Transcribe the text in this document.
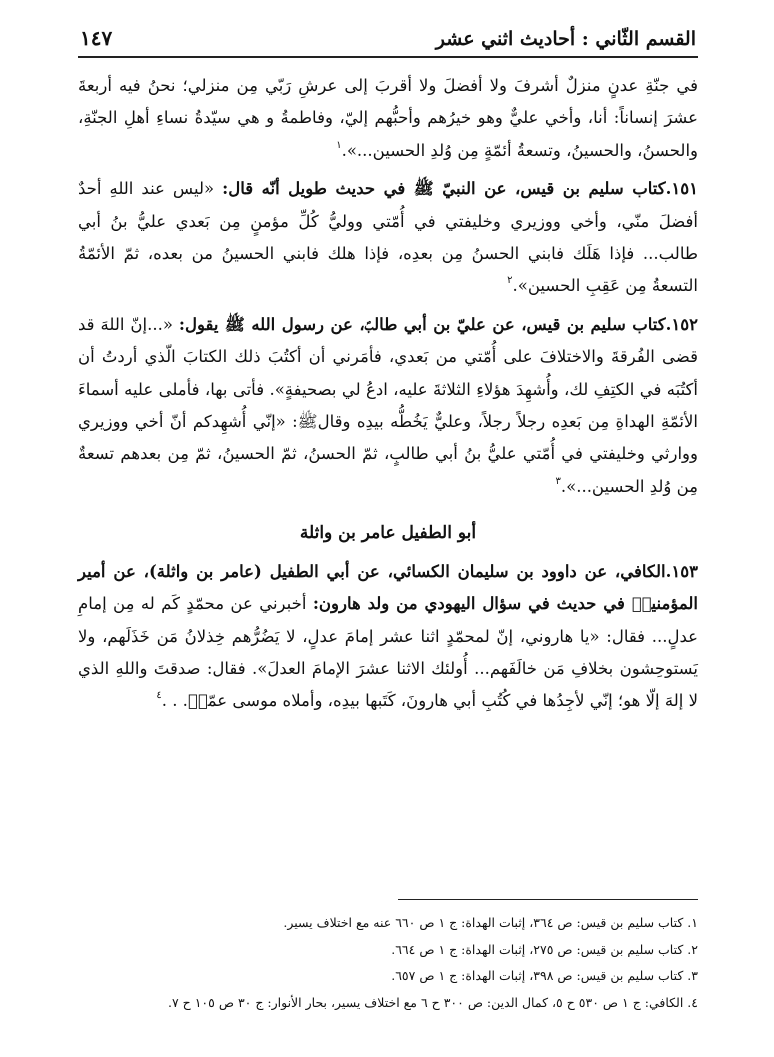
القسم الثّاني : أحاديث اثني عشر
١٤٧

في جنّةِ عدنٍ منزلٌ أشرفَ ولا أفضلَ ولا أقربَ إلى عرشِ رَبّي مِن منزلي؛ نحنُ فيه أربعةَ عشرَ إنساناً: أنا، وأخي عليٌّ وهو خيرُهم وأحبُّهم إليّ، وفاطمةُ و هي سيّدةُ نساءِ أهلِ الجنّةِ، والحسنُ، والحسينُ، وتسعةُ أئمّةٍ مِن وُلدِ الحسين...».$^١$

١٥١.كتاب سليم بن قيس، عن النبيّ ﷺ في حديث طويل أنّه قال: «ليس عند اللهِ أحدٌ أفضلَ منّي، وأخي ووزيري وخليفتي في أُمّتي ووليُّ كُلِّ مؤمنٍ مِن بَعدي عليُّ بنُ أبي طالب... فإذا هَلَك فابني الحسنُ مِن بعدِه، فإذا هلك فابني الحسينُ من بعده، ثمّ الأئمّةُ التسعةُ مِن عَقِبِ الحسين».$^٢$

١٥٢.كتاب سليم بن قيس، عن عليّ بن أبي طالبؑ، عن رسول الله ﷺ يقول: «...إنّ اللهَ قد قضى الفُرقةَ والاختلافَ على أُمّتي من بَعدي، فأمَرني أن أكتُبَ ذلك الكتابَ الّذي أردتُ أن أكتُبَه في الكتِفِ لك، وأُشهِدَ هؤلاءِ الثلاثةَ عليه، ادعُ لي بصحيفةٍ». فأتى بها، فأملى عليه أسماءَ الأئمّةِ الهداةِ مِن بَعدِه رجلاً رجلاً، وعليٌّ يَخُطُّه بيدِه وقالﷺ: «إنّي أُشهِدكم أنّ أخي ووزيري ووارثي وخليفتي في أُمّتي عليُّ بنُ أبي طالبٍ، ثمّ الحسنُ، ثمّ الحسينُ، ثمّ مِن بعدهم تسعةٌ مِن وُلدِ الحسين...».$^٣$

أبو الطفيل عامر بن واثلة

١٥٣.الكافي، عن داوود بن سليمان الكسائي، عن أبي الطفيل (عامر بن واثلة)، عن أمير المؤمنينؑ في حديث في سؤال اليهودي من ولد هارون: أخبرني عن محمّدٍ كَم له مِن إمامِ عدلٍ... فقال: «يا هاروني، إنّ لمحمّدٍ اثنا عشر إمامَ عدلٍ، لا يَضُرُّهم خِذلانُ مَن خَذَلَهم، ولا يَستوحِشون بخلافِ مَن خالَفَهم... أُولئك الاثنا عشرَ الإمامَ العدلَ». فقال: صدقتَ واللهِ الذي لا إلهَ إلّا هو؛ إنّي لأجِدُها في كُتُبِ أبي هارونَ، كَتَبها بيدِه، وأملاه موسى عمّيؑ. . .$^٤$

١. كتاب سليم بن قيس: ص ٣٦٤، إثبات الهداة: ج ١ ص ٦٦٠ عنه مع اختلاف يسير.
٢. كتاب سليم بن قيس: ص ٢٧٥، إثبات الهداة: ج ١ ص ٦٦٤.
٣. كتاب سليم بن قيس: ص ٣٩٨، إثبات الهداة: ج ١ ص ٦٥٧.
٤. الكافي: ج ١ ص ٥٣٠ ح ٥، كمال الدين: ص ٣٠٠ ح ٦ مع اختلاف يسير، بحار الأنوار: ج ٣٠ ص ١٠٥ ح ٧.
